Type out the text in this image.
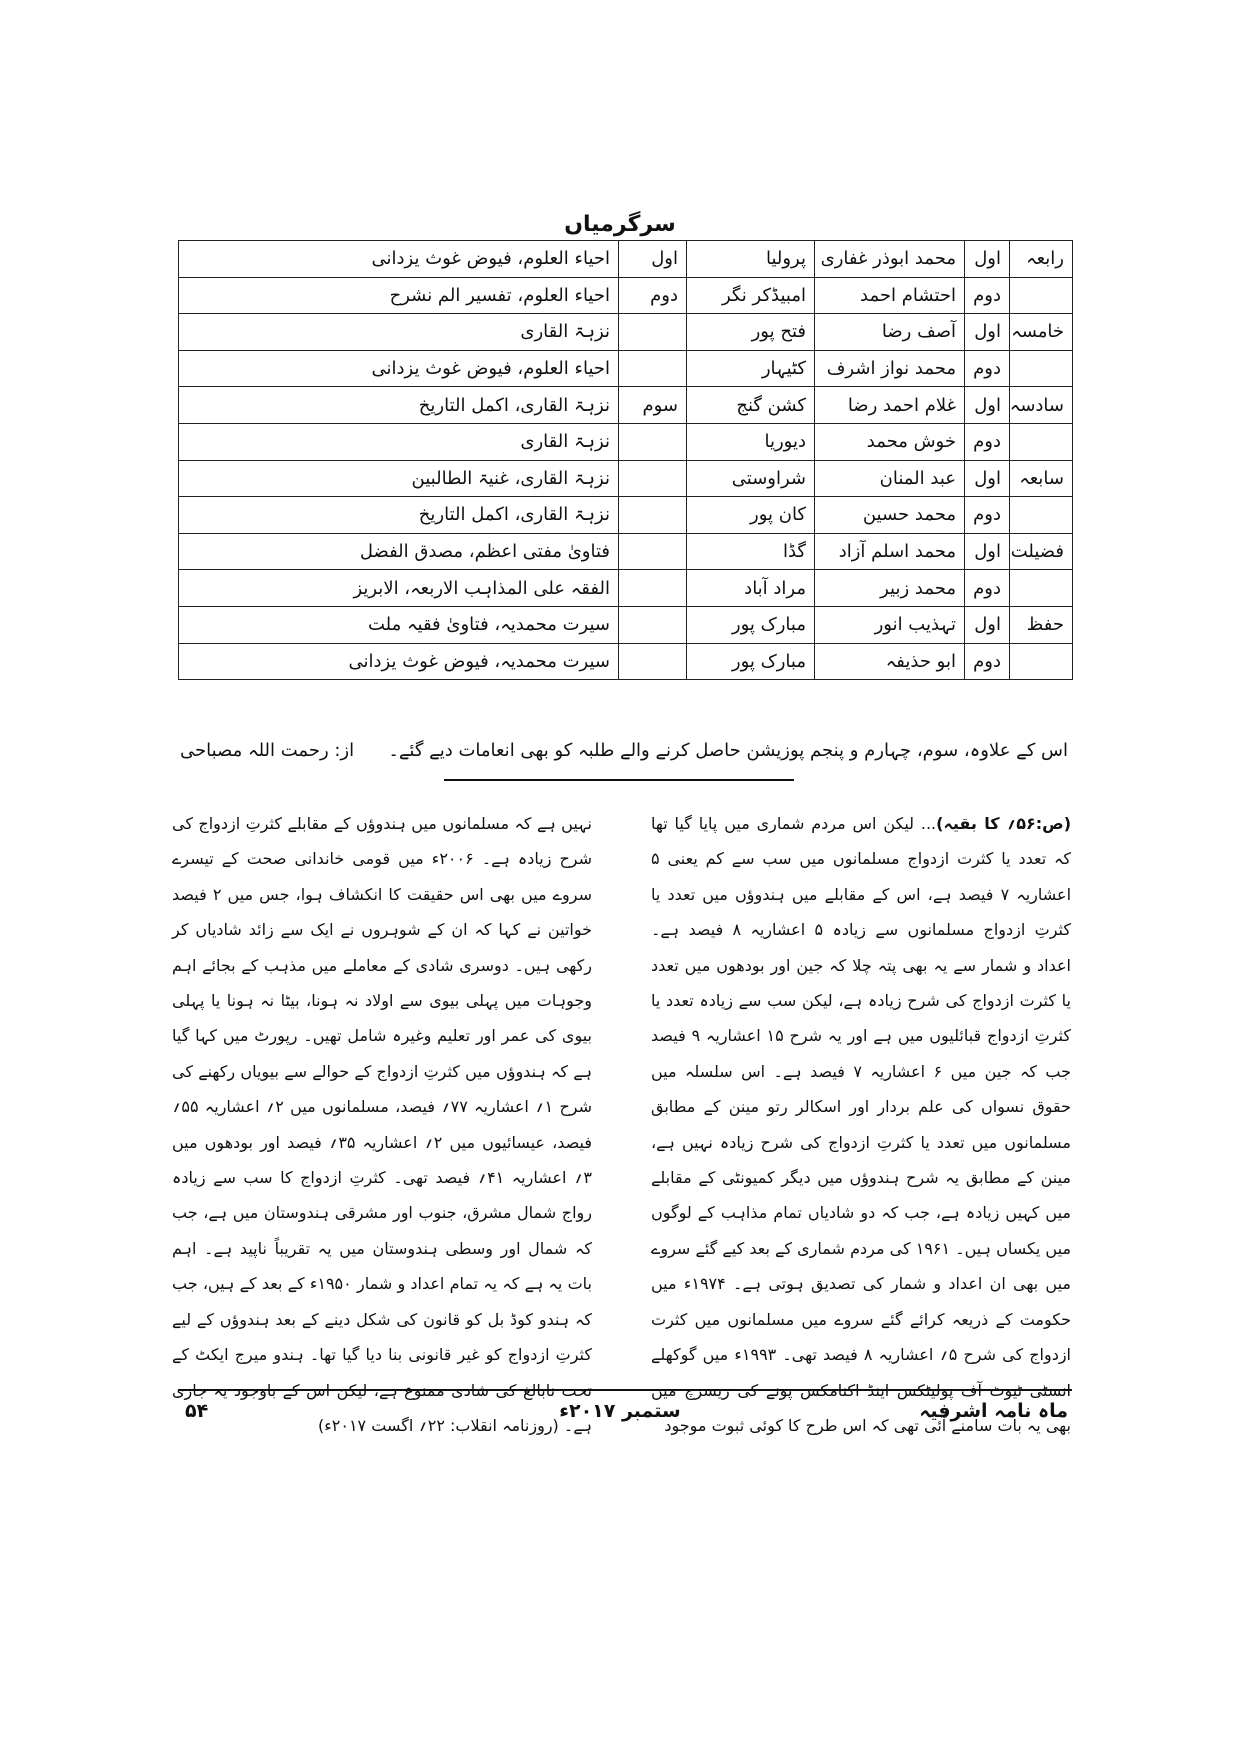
سرگرمیاں
رابعہ	اول	محمد ابوذر غفاری	پرولیا	اول	احیاء العلوم، فیوض غوث یزدانی
	دوم	احتشام احمد	امبیڈکر نگر	دوم	احیاء العلوم، تفسیر الم نشرح
خامسہ	اول	آصف رضا	فتح پور		نزہۃ القاری
	دوم	محمد نواز اشرف	کٹیہار		احیاء العلوم، فیوض غوث یزدانی
سادسہ	اول	غلام احمد رضا	کشن گنج	سوم	نزہۃ القاری، اکمل التاریخ
	دوم	خوش محمد	دیوریا		نزہۃ القاری
سابعہ	اول	عبد المنان	شراوستی		نزہۃ القاری، غنیۃ الطالبین
	دوم	محمد حسین	کان پور		نزہۃ القاری، اکمل التاریخ
فضیلت	اول	محمد اسلم آزاد	گڈا		فتاویٰ مفتی اعظم، مصدق الفضل
	دوم	محمد زبیر	مراد آباد		الفقہ علی المذاہب الاربعہ، الابریز
حفظ	اول	تہذیب انور	مبارک پور		سیرت محمدیہ، فتاویٰ فقیہ ملت
	دوم	ابو حذیفہ	مبارک پور		سیرت محمدیہ، فیوض غوث یزدانی
اس کے علاوہ، سوم، چہارم و پنجم پوزیشن حاصل کرنے والے طلبہ کو بھی انعامات دیے گئے۔
از: رحمت اللہ مصباحی
(ص:۵۶؍ کا بقیہ)... لیکن اس مردم شماری میں پایا گیا تھا کہ تعدد یا کثرت ازدواج مسلمانوں میں سب سے کم یعنی ۵ اعشاریہ ۷ فیصد ہے، اس کے مقابلے میں ہندوؤں میں تعدد یا کثرتِ ازدواج مسلمانوں سے زیادہ ۵ اعشاریہ ۸ فیصد ہے۔ اعداد و شمار سے یہ بھی پتہ چلا کہ جین اور بودھوں میں تعدد یا کثرت ازدواج کی شرح زیادہ ہے، لیکن سب سے زیادہ تعدد یا کثرتِ ازدواج قبائلیوں میں ہے اور یہ شرح ۱۵ اعشاریہ ۹ فیصد جب کہ جین میں ۶ اعشاریہ ۷ فیصد ہے۔ اس سلسلہ میں حقوق نسواں کی علم بردار اور اسکالر رتو مینن کے مطابق مسلمانوں میں تعدد یا کثرتِ ازدواج کی شرح زیادہ نہیں ہے، مینن کے مطابق یہ شرح ہندوؤں میں دیگر کمیونٹی کے مقابلے میں کہیں زیادہ ہے، جب کہ دو شادیاں تمام مذاہب کے لوگوں میں یکساں ہیں۔ ۱۹۶۱ کی مردم شماری کے بعد کیے گئے سروے میں بھی ان اعداد و شمار کی تصدیق ہوتی ہے۔ ۱۹۷۴ء میں حکومت کے ذریعہ کرائے گئے سروے میں مسلمانوں میں کثرت ازدواج کی شرح ۵؍ اعشاریہ ۸ فیصد تھی۔ ۱۹۹۳ء میں گوکھلے انسٹی ٹیوٹ آف پولیٹکس اینڈ اکنامکس پونے کی ریسرچ میں بھی یہ بات سامنے آئی تھی کہ اس طرح کا کوئی ثبوت موجود
نہیں ہے کہ مسلمانوں میں ہندوؤں کے مقابلے کثرتِ ازدواج کی شرح زیادہ ہے۔ ۲۰۰۶ء میں قومی خاندانی صحت کے تیسرے سروے میں بھی اس حقیقت کا انکشاف ہوا، جس میں ۲ فیصد خواتین نے کہا کہ ان کے شوہروں نے ایک سے زائد شادیاں کر رکھی ہیں۔ دوسری شادی کے معاملے میں مذہب کے بجائے اہم وجوہات میں پہلی بیوی سے اولاد نہ ہونا، بیٹا نہ ہونا یا پہلی بیوی کی عمر اور تعلیم وغیرہ شامل تھیں۔ رپورٹ میں کہا گیا ہے کہ ہندوؤں میں کثرتِ ازدواج کے حوالے سے بیویاں رکھنے کی شرح ۱؍ اعشاریہ ۷۷؍ فیصد، مسلمانوں میں ۲؍ اعشاریہ ۵۵؍ فیصد، عیسائیوں میں ۲؍ اعشاریہ ۳۵؍ فیصد اور بودھوں میں ۳؍ اعشاریہ ۴۱؍ فیصد تھی۔ کثرتِ ازدواج کا سب سے زیادہ رواج شمال مشرق، جنوب اور مشرقی ہندوستان میں ہے، جب کہ شمال اور وسطی ہندوستان میں یہ تقریباً ناپید ہے۔ اہم بات یہ ہے کہ یہ تمام اعداد و شمار ۱۹۵۰ء کے بعد کے ہیں، جب کہ ہندو کوڈ بل کو قانون کی شکل دینے کے بعد ہندوؤں کے لیے کثرتِ ازدواج کو غیر قانونی بنا دیا گیا تھا۔ ہندو میرج ایکٹ کے تحت نابالغ کی شادی ممنوع ہے، لیکن اس کے باوجود یہ جاری ہے۔ (روزنامہ انقلاب: ۲۲؍ اگست ۲۰۱۷ء)
ماہ نامہ اشرفیہ
ستمبر ۲۰۱۷ء
۵۴
